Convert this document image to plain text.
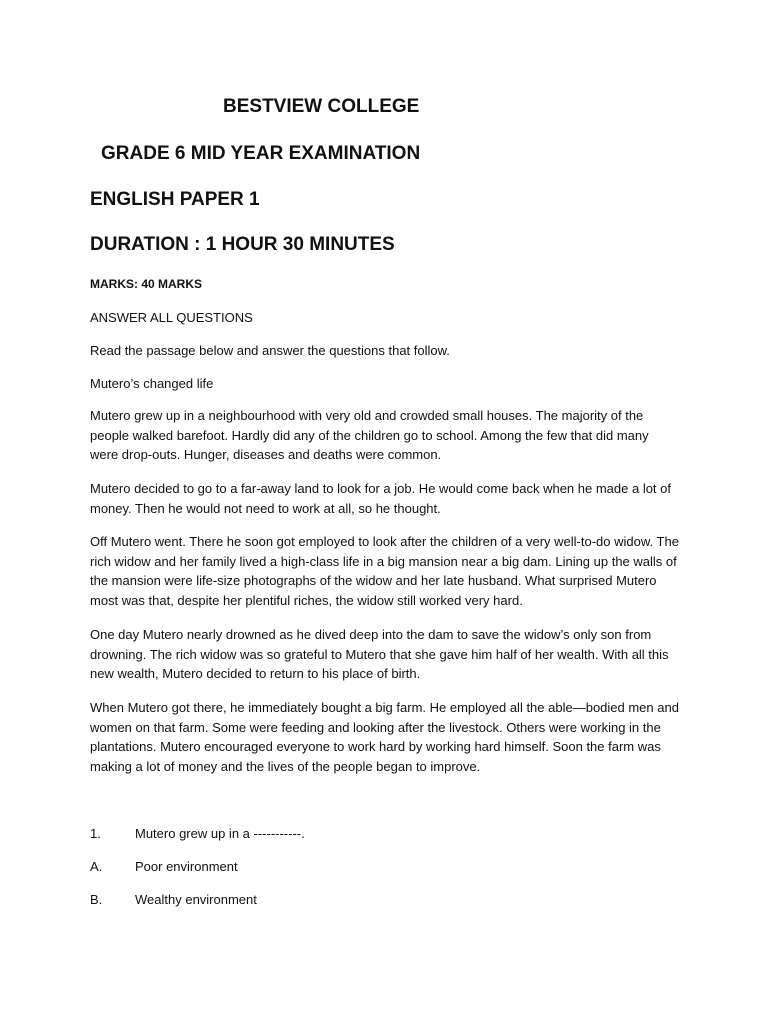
BESTVIEW COLLEGE
GRADE 6 MID YEAR EXAMINATION
ENGLISH PAPER 1
DURATION : 1 HOUR 30 MINUTES
MARKS: 40 MARKS
ANSWER ALL QUESTIONS
Read the passage below and answer the questions that follow.
Mutero’s changed life

Mutero grew up in a neighbourhood with very old and crowded small houses. The majority of the people walked barefoot. Hardly did any of the children go to school. Among the few that did many were drop-outs. Hunger, diseases and deaths were common.

Mutero decided to go to a far-away land to look for a job. He would come back when he made a lot of money. Then he would not need to work at all, so he thought.

Off Mutero went. There he soon got employed to look after the children of a very well-to-do widow. The rich widow and her family lived a high-class life in a big mansion near a big dam. Lining up the walls of the mansion were life-size photographs of the widow and her late husband. What surprised Mutero most was that, despite her plentiful riches, the widow still worked very hard.

One day Mutero nearly drowned as he dived deep into the dam to save the widow’s only son from drowning. The rich widow was so grateful to Mutero that she gave him half of her wealth. With all this new wealth, Mutero decided to return to his place of birth.

When Mutero got there, he immediately bought a big farm. He employed all the able—bodied men and women on that farm. Some were feeding and looking after the livestock. Others were working in the plantations. Mutero encouraged everyone to work hard by working hard himself. Soon the farm was making a lot of money and the lives of the people began to improve.

1.	Mutero grew up in a -----------.
A.	Poor environment
B.	Wealthy environment
